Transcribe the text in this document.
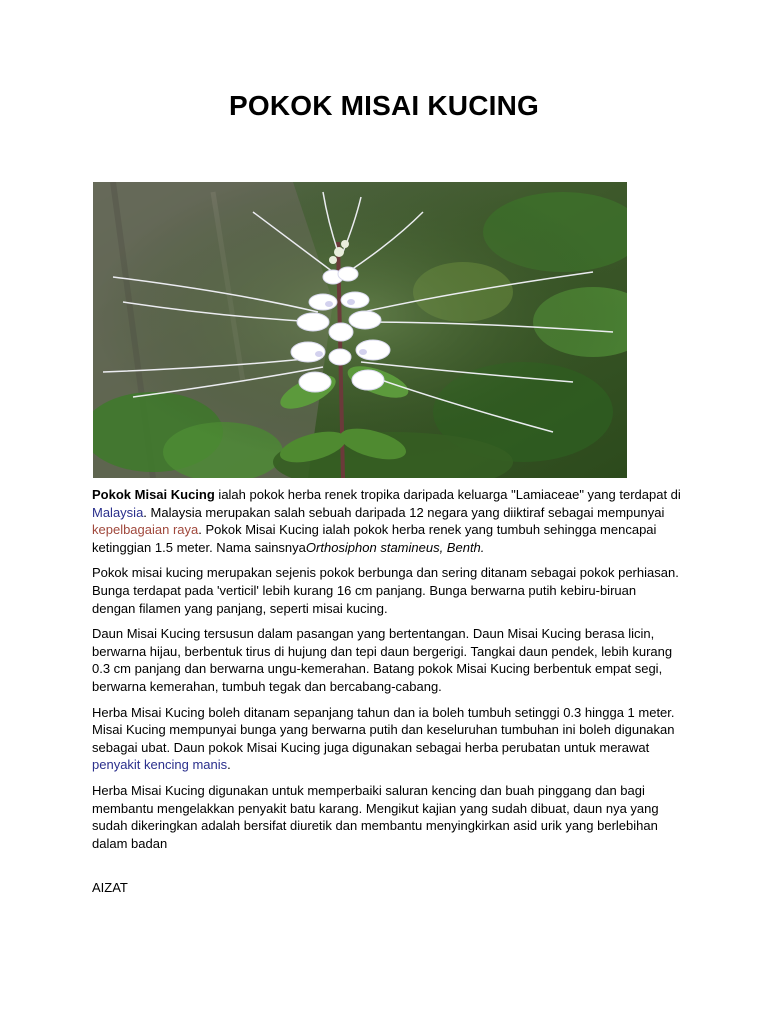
POKOK MISAI KUCING

Pokok Misai Kucing ialah pokok herba renek tropika daripada keluarga "Lamiaceae" yang terdapat di Malaysia. Malaysia merupakan salah sebuah daripada 12 negara yang diiktiraf sebagai mempunyai kepelbagaian raya. Pokok Misai Kucing ialah pokok herba renek yang tumbuh sehingga mencapai ketinggian 1.5 meter. Nama sainsnyaOrthosiphon stamineus, Benth.

Pokok misai kucing merupakan sejenis pokok berbunga dan sering ditanam sebagai pokok perhiasan. Bunga terdapat pada 'verticil' lebih kurang 16 cm panjang. Bunga berwarna putih kebiru-biruan dengan filamen yang panjang, seperti misai kucing.

Daun Misai Kucing tersusun dalam pasangan yang bertentangan. Daun Misai Kucing berasa licin, berwarna hijau, berbentuk tirus di hujung dan tepi daun bergerigi. Tangkai daun pendek, lebih kurang 0.3 cm panjang dan berwarna ungu-kemerahan. Batang pokok Misai Kucing berbentuk empat segi, berwarna kemerahan, tumbuh tegak dan bercabang-cabang.

Herba Misai Kucing boleh ditanam sepanjang tahun dan ia boleh tumbuh setinggi 0.3 hingga 1 meter. Misai Kucing mempunyai bunga yang berwarna putih dan keseluruhan tumbuhan ini boleh digunakan sebagai ubat. Daun pokok Misai Kucing juga digunakan sebagai herba perubatan untuk merawat penyakit kencing manis.

Herba Misai Kucing digunakan untuk memperbaiki saluran kencing dan buah pinggang dan bagi membantu mengelakkan penyakit batu karang. Mengikut kajian yang sudah dibuat, daun nya yang sudah dikeringkan adalah bersifat diuretik dan membantu menyingkirkan asid urik yang berlebihan dalam badan

AIZAT
